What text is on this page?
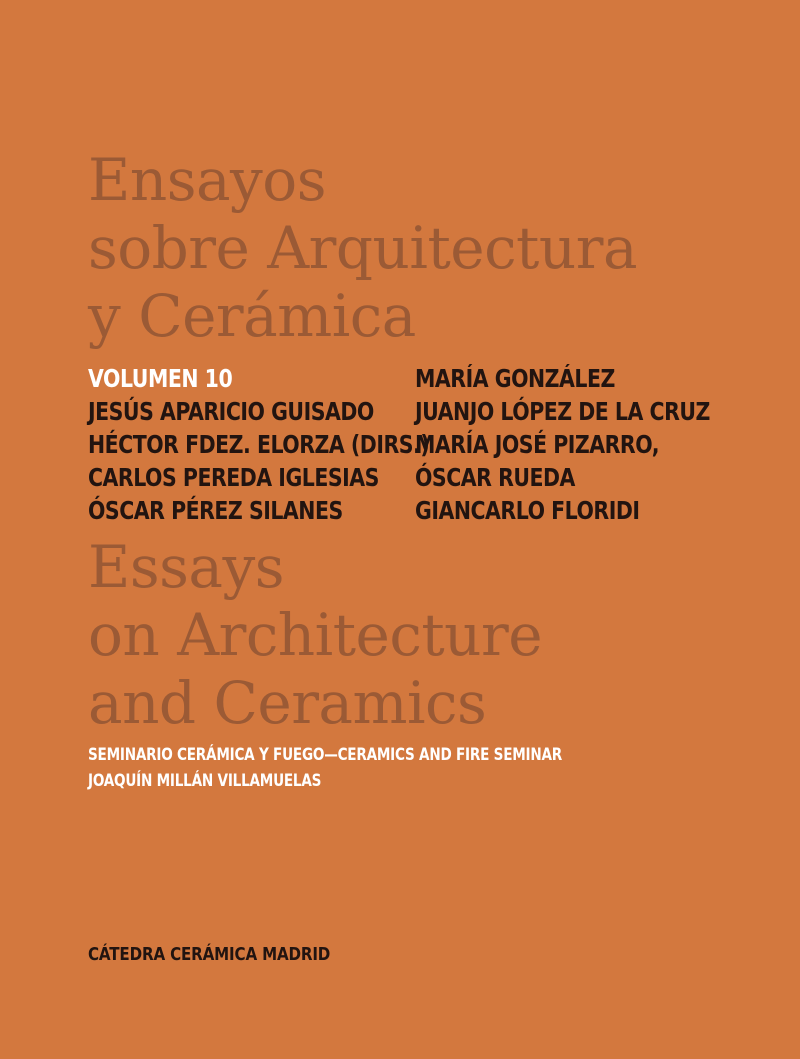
Ensayos
sobre Arquitectura
y Cerámica
VOLUMEN 10
JESÚS APARICIO GUISADO
HÉCTOR FDEZ. ELORZA (DIRS.)
CARLOS PEREDA IGLESIAS
ÓSCAR PÉREZ SILANES
MARÍA GONZÁLEZ
JUANJO LÓPEZ DE LA CRUZ
MARÍA JOSÉ PIZARRO,
ÓSCAR RUEDA
GIANCARLO FLORIDI
Essays
on Architecture
and Ceramics
SEMINARIO CERÁMICA Y FUEGO—CERAMICS AND FIRE SEMINAR
JOAQUÍN MILLÁN VILLAMUELAS
CÁTEDRA CERÁMICA MADRID
